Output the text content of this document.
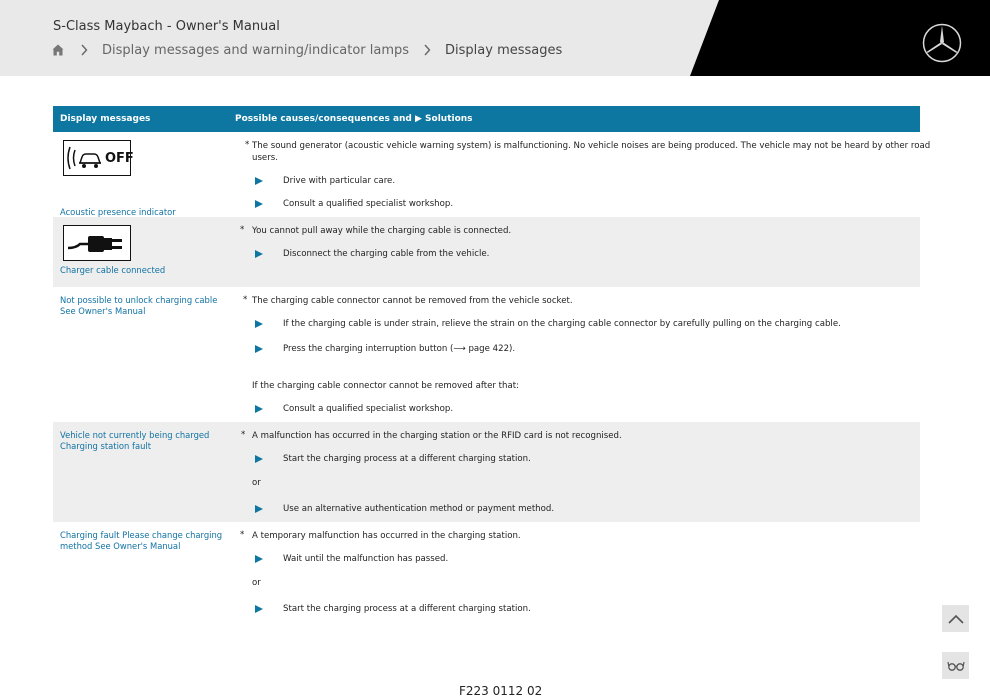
S-Class Maybach - Owner's Manual
Display messages and warning/indicator lamps	Display messages
Display messages	Possible causes/consequences and ▶ Solutions
OFF
Acoustic presence indicator
* The sound generator (acoustic vehicle warning system) is malfunctioning. No vehicle noises are being produced. The vehicle may not be heard by other road
users.
Drive with particular care.
Consult a qualified specialist workshop.
Charger cable connected
* You cannot pull away while the charging cable is connected.
Disconnect the charging cable from the vehicle.
Not possible to unlock charging cable
See Owner's Manual
* The charging cable connector cannot be removed from the vehicle socket.
If the charging cable is under strain, relieve the strain on the charging cable connector by carefully pulling on the charging cable.
Press the charging interruption button (⟶ page 422).
If the charging cable connector cannot be removed after that:
Consult a qualified specialist workshop.
Vehicle not currently being charged
Charging station fault
* A malfunction has occurred in the charging station or the RFID card is not recognised.
Start the charging process at a different charging station.
or
Use an alternative authentication method or payment method.
Charging fault Please change charging
method See Owner's Manual
* A temporary malfunction has occurred in the charging station.
Wait until the malfunction has passed.
or
Start the charging process at a different charging station.
F223 0112 02
